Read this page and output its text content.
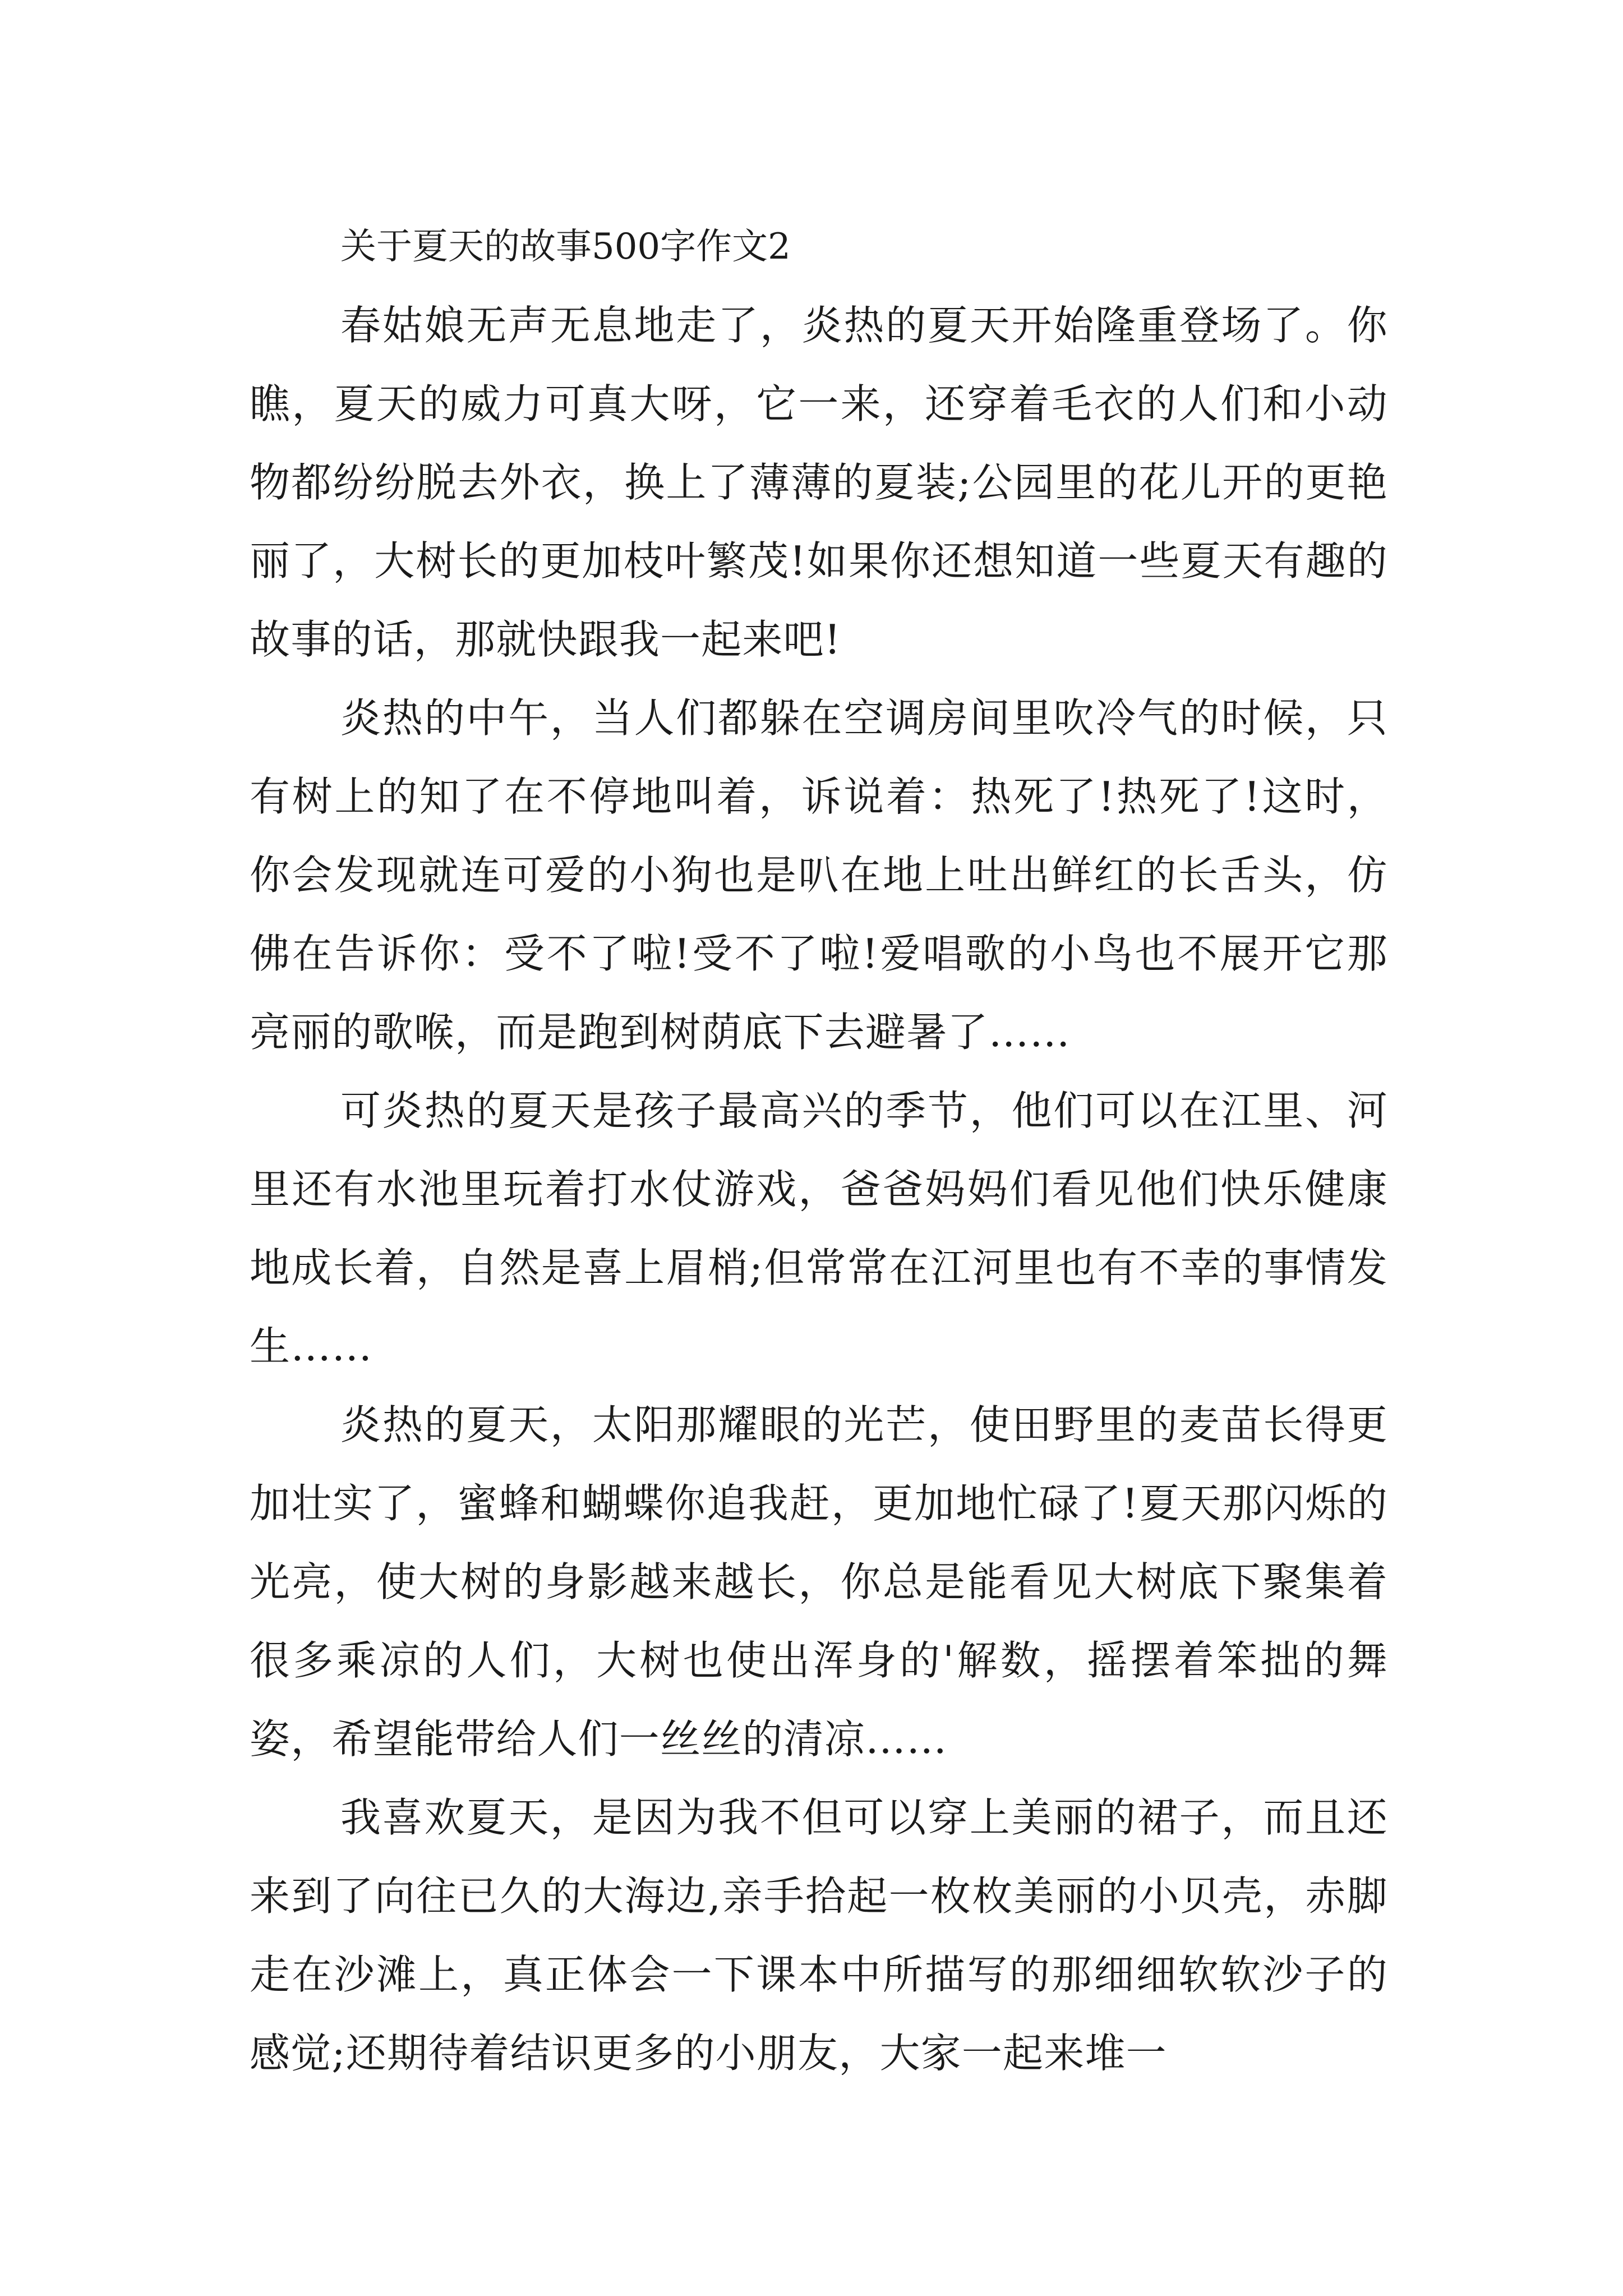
关于夏天的故事500字作文2

春姑娘无声无息地走了，炎热的夏天开始隆重登场了。你瞧，夏天的威力可真大呀，它一来，还穿着毛衣的人们和小动物都纷纷脱去外衣，换上了薄薄的夏装;公园里的花儿开的更艳丽了，大树长的更加枝叶繁茂!如果你还想知道一些夏天有趣的故事的话，那就快跟我一起来吧!

炎热的中午，当人们都躲在空调房间里吹冷气的时候，只有树上的知了在不停地叫着，诉说着：热死了!热死了!这时，你会发现就连可爱的小狗也是叭在地上吐出鲜红的长舌头，仿佛在告诉你：受不了啦!受不了啦!爱唱歌的小鸟也不展开它那亮丽的歌喉，而是跑到树荫底下去避暑了……

可炎热的夏天是孩子最高兴的季节，他们可以在江里、河里还有水池里玩着打水仗游戏，爸爸妈妈们看见他们快乐健康地成长着，自然是喜上眉梢;但常常在江河里也有不幸的事情发生……

炎热的夏天，太阳那耀眼的光芒，使田野里的麦苗长得更加壮实了，蜜蜂和蝴蝶你追我赶，更加地忙碌了!夏天那闪烁的光亮，使大树的身影越来越长，你总是能看见大树底下聚集着很多乘凉的人们，大树也使出浑身的'解数，摇摆着笨拙的舞姿，希望能带给人们一丝丝的清凉……

我喜欢夏天，是因为我不但可以穿上美丽的裙子，而且还来到了向往已久的大海边,亲手拾起一枚枚美丽的小贝壳，赤脚走在沙滩上，真正体会一下课本中所描写的那细细软软沙子的感觉;还期待着结识更多的小朋友，大家一起来堆一
